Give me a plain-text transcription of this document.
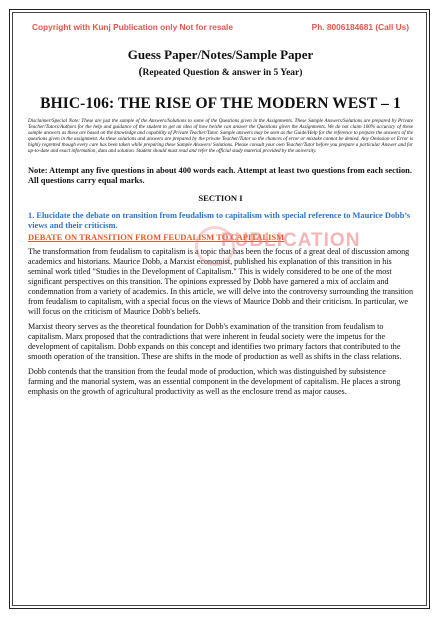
Copyright with Kunj Publication only Not for resale	Ph. 8006184681 (Call Us)
Guess Paper/Notes/Sample Paper
(Repeated Question & answer in 5 Year)
BHIC-106: THE RISE OF THE MODERN WEST – 1
Disclaimer/Special Note: These are just the sample of the Answers/Solutions to some of the Questions given in the Assignments. These Sample Answers/Solutions are prepared by Private Teacher/Tutors/Authors for the help and guidance of the student to get an idea of how he/she can answer the Questions given the Assignments. We do not claim 100% accuracy of these sample answers as these are based on the knowledge and capability of Private Teacher/Tutor. Sample answers may be seen as the Guide/Help for the reference to prepare the answers of the questions given in the assignment. As these solutions and answers are prepared by the private Teacher/Tutor so the chances of error or mistake cannot be denied. Any Omission or Error is highly regretted though every care has been taken while preparing these Sample Answers/ Solutions. Please consult your own Teacher/Tutor before you prepare a particular Answer and for up-to-date and exact information, data and solution. Student should must read and refer the official study material provided by the university.
Note: Attempt any five questions in about 400 words each. Attempt at least two questions from each section. All questions carry equal marks.
SECTION I
1. Elucidate the debate on transition from feudalism to capitalism with special reference to Maurice Dobb’s views and their criticism.
DEBATE ON TRANSITION FROM FEUDALISM TO CAPITALISM
The transformation from feudalism to capitalism is a topic that has been the focus of a great deal of discussion among academics and historians. Maurice Dobb, a Marxist economist, published his explanation of this transition in his seminal work titled "Studies in the Development of Capitalism." This is widely considered to be one of the most significant perspectives on this transition. The opinions expressed by Dobb have garnered a mix of acclaim and condemnation from a variety of academics. In this article, we will delve into the controversy surrounding the transition from feudalism to capitalism, with a special focus on the views of Maurice Dobb and their criticism. In particular, we will focus on the criticism of Maurice Dobb's beliefs.
Marxist theory serves as the theoretical foundation for Dobb's examination of the transition from feudalism to capitalism. Marx proposed that the contradictions that were inherent in feudal society were the impetus for the development of capitalism. Dobb expands on this concept and identifies two primary factors that contributed to the smooth operation of the transition. These are shifts in the mode of production as well as shifts in the class relations.
Dobb contends that the transition from the feudal mode of production, which was distinguished by subsistence farming and the manorial system, was an essential component in the development of capitalism. He places a strong emphasis on the growth of agricultural productivity as well as the enclosure trend as major causes.
PUBLICATION
